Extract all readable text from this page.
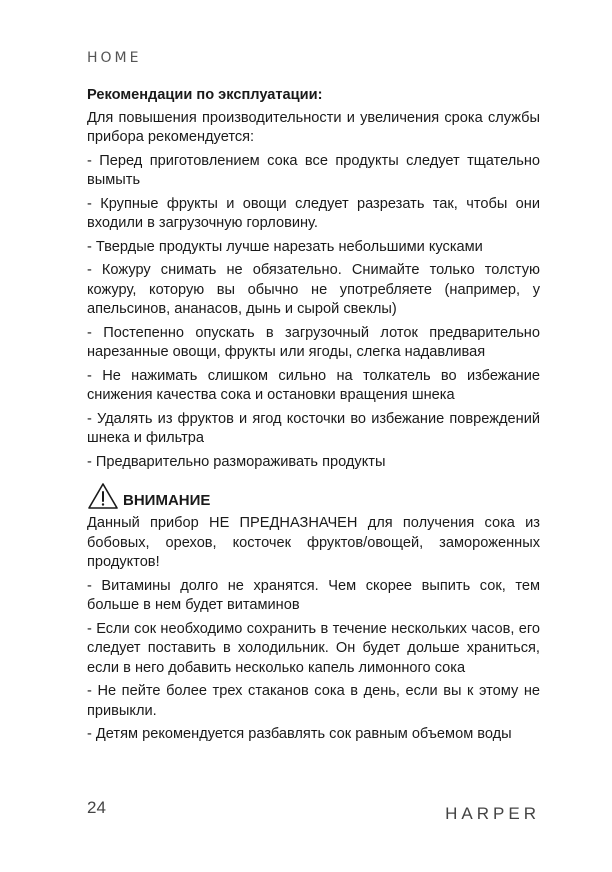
HOME
Рекомендации по эксплуатации:
Для повышения производительности и увеличения срока службы прибора рекомендуется:
- Перед приготовлением сока все продукты следует тщательно вымыть
- Крупные фрукты и овощи следует разрезать так, чтобы они входили в загрузочную горловину.
- Твердые продукты лучше нарезать небольшими кусками
- Кожуру снимать не обязательно. Снимайте только толстую кожуру, которую вы обычно не употребляете (например, у апельсинов, ананасов, дынь и сырой свеклы)
- Постепенно опускать в загрузочный лоток предварительно нарезанные овощи, фрукты или ягоды, слегка надавливая
- Не нажимать слишком сильно на толкатель во избежание снижения качества сока и остановки вращения шнека
- Удалять из фруктов и ягод косточки во избежание повреждений шнека и фильтра
- Предварительно размораживать продукты
ВНИМАНИЕ
Данный прибор НЕ ПРЕДНАЗНАЧЕН для получения сока из бобовых, орехов, косточек фруктов/овощей, замороженных продуктов!
- Витамины долго не хранятся. Чем скорее выпить сок, тем больше в нем будет витаминов
- Если сок необходимо сохранить в течение нескольких часов, его следует поставить в холодильник. Он будет дольше храниться, если в него добавить несколько капель лимонного сока
- Не пейте более трех стаканов сока в день, если вы к этому не привыкли.
- Детям рекомендуется разбавлять сок равным объемом воды
24	HARPER
